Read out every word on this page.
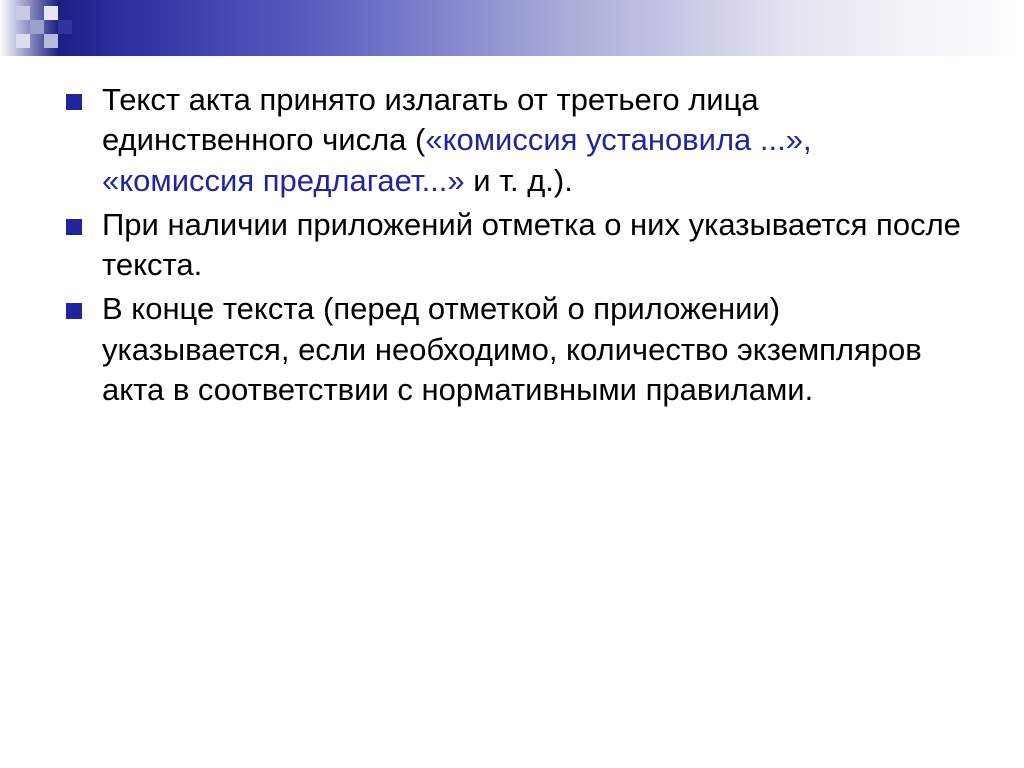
Текст акта принято излагать от третьего лица единственного числа («комиссия установила ...», «комиссия предлагает...» и т. д.).

При наличии приложений отметка о них указывается после текста.

В конце текста (перед отметкой о приложении) указывается, если необходимо, количество экземпляров акта в соответствии с нормативными правилами.
